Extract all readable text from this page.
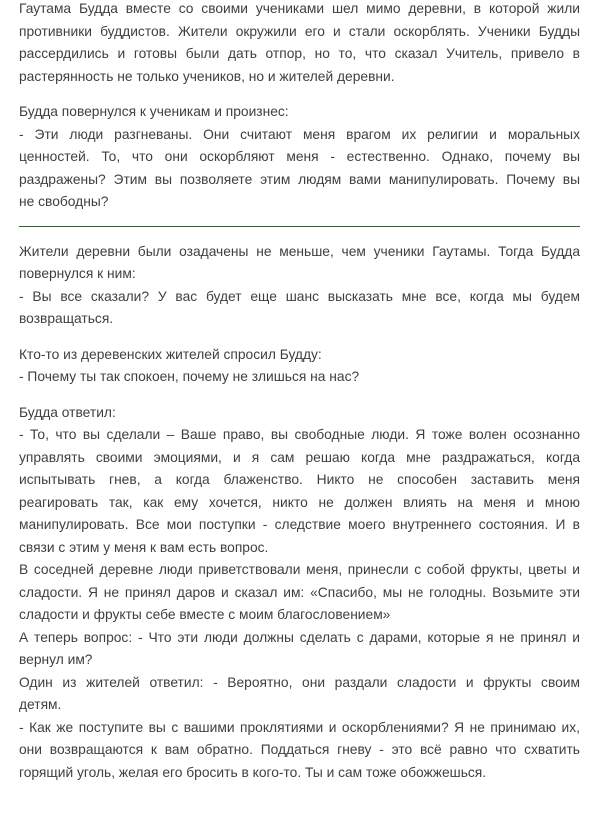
Гаутама Будда вместе со своими учениками шел мимо деревни, в которой жили
противники буддистов. Жители окружили его и стали оскорблять. Ученики Будды
рассердились и готовы были дать отпор, но то, что сказал Учитель, привело в
растерянность не только учеников, но и жителей деревни.
Будда повернулся к ученикам и произнес:
- Эти люди разгневаны. Они считают меня врагом их религии и моральных
ценностей. То, что они оскорбляют меня - естественно. Однако, почему вы
раздражены? Этим вы позволяете этим людям вами манипулировать. Почему вы
не свободны?
Жители деревни были озадачены не меньше, чем ученики Гаутамы. Тогда Будда
повернулся к ним:
- Вы все сказали? У вас будет еще шанс высказать мне все, когда мы будем
возвращаться.
Кто-то из деревенских жителей спросил Будду:
- Почему ты так спокоен, почему не злишься на нас?
Будда ответил:
- То, что вы сделали – Ваше право, вы свободные люди. Я тоже волен осознанно
управлять своими эмоциями, и я сам решаю когда мне раздражаться, когда
испытывать гнев, а когда блаженство. Никто не способен заставить меня
реагировать так, как ему хочется, никто не должен влиять на меня и мною
манипулировать. Все мои поступки - следствие моего внутреннего состояния. И в
связи с этим у меня к вам есть вопрос.
В соседней деревне люди приветствовали меня, принесли с собой фрукты, цветы и
сладости. Я не принял даров и сказал им: «Спасибо, мы не голодны. Возьмите эти
сладости и фрукты себе вместе с моим благословением»
А теперь вопрос: - Что эти люди должны сделать с дарами, которые я не принял и
вернул им?
Один из жителей ответил: - Вероятно, они раздали сладости и фрукты своим
детям.
- Как же поступите вы с вашими проклятиями и оскорблениями? Я не принимаю их,
они возвращаются к вам обратно. Поддаться гневу - это всё равно что схватить
горящий уголь, желая его бросить в кого-то. Ты и сам тоже обожжешься.
